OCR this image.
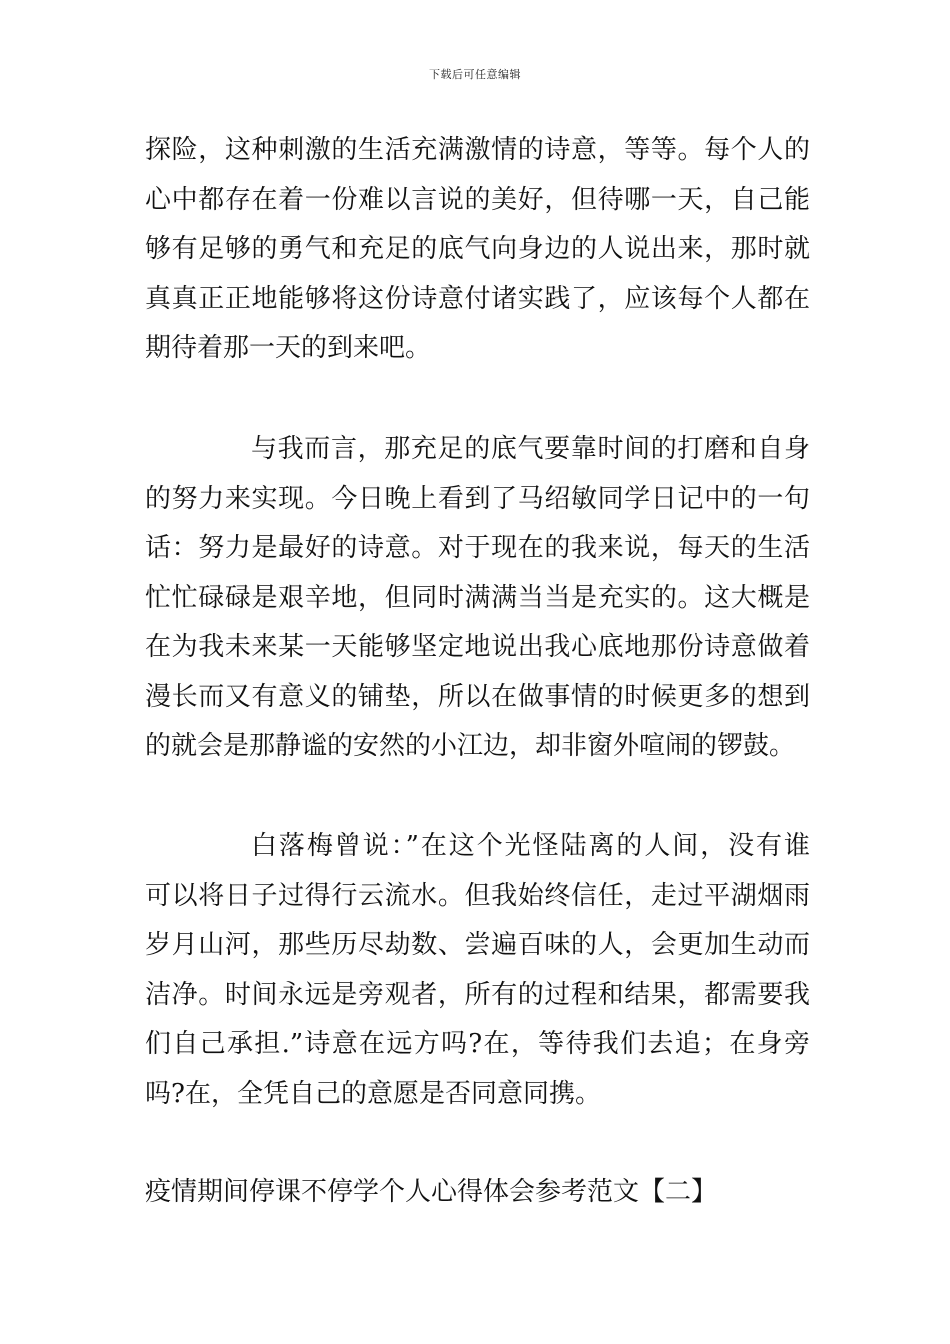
下载后可任意编辑
探险，这种刺激的生活充满激情的诗意，等等。每个人的
心中都存在着一份难以言说的美好，但待哪一天，自己能
够有足够的勇气和充足的底气向身边的人说出来，那时就
真真正正地能够将这份诗意付诸实践了，应该每个人都在
期待着那一天的到来吧。
与我而言，那充足的底气要靠时间的打磨和自身
的努力来实现。今日晚上看到了马绍敏同学日记中的一句
话：努力是最好的诗意。对于现在的我来说，每天的生活
忙忙碌碌是艰辛地，但同时满满当当是充实的。这大概是
在为我未来某一天能够坚定地说出我心底地那份诗意做着
漫长而又有意义的铺垫，所以在做事情的时候更多的想到
的就会是那静谧的安然的小江边，却非窗外喧闹的锣鼓。
白落梅曾说：”在这个光怪陆离的人间，没有谁
可以将日子过得行云流水。但我始终信任，走过平湖烟雨
岁月山河，那些历尽劫数、尝遍百味的人，会更加生动而
洁净。时间永远是旁观者，所有的过程和结果，都需要我
们自己承担.”诗意在远方吗?在，等待我们去追；在身旁
吗?在，全凭自己的意愿是否同意同携。
疫情期间停课不停学个人心得体会参考范文【二】
